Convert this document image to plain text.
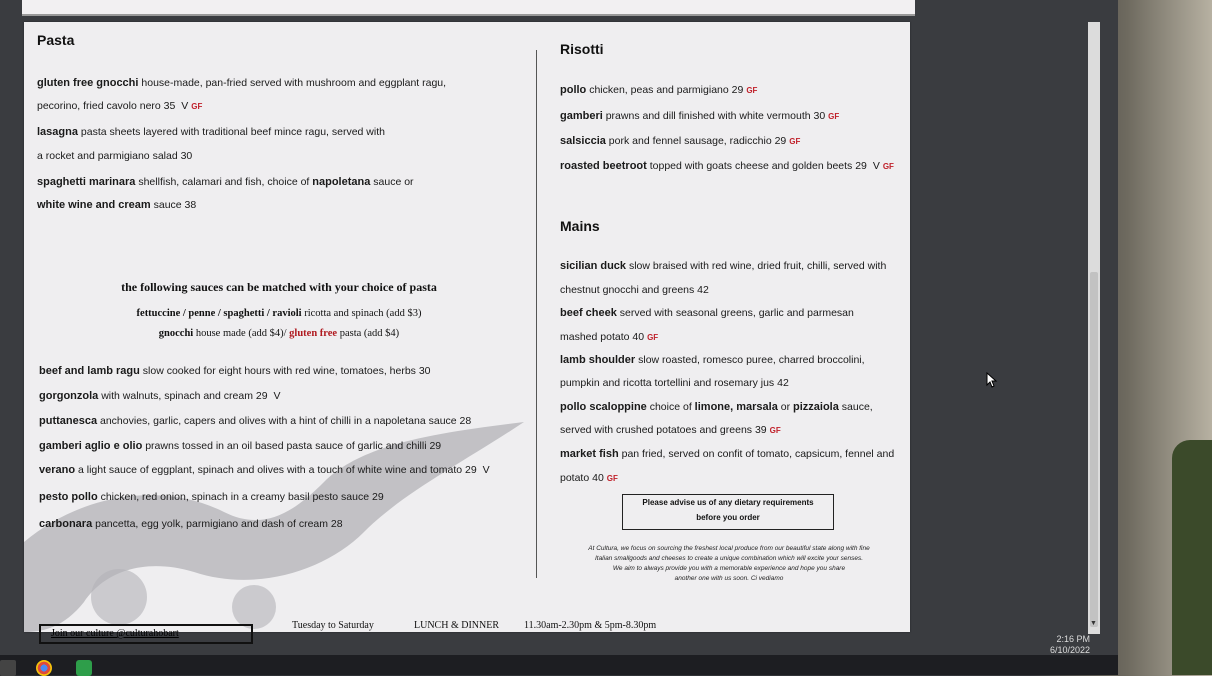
Pasta
gluten free gnocchi house-made, pan-fried served with mushroom and eggplant ragu,
pecorino, fried cavolo nero 35 V GF
lasagna pasta sheets layered with traditional beef mince ragu, served with
a rocket and parmigiano salad 30
spaghetti marinara shellfish, calamari and fish, choice of napoletana sauce or
white wine and cream sauce 38
the following sauces can be matched with your choice of pasta
fettuccine / penne / spaghetti / ravioli ricotta and spinach (add $3)
gnocchi house made (add $4)/ gluten free pasta (add $4)
beef and lamb ragu slow cooked for eight hours with red wine, tomatoes, herbs 30
gorgonzola with walnuts, spinach and cream 29 V
puttanesca anchovies, garlic, capers and olives with a hint of chilli in a napoletana sauce 28
gamberi aglio e olio prawns tossed in an oil based pasta sauce of garlic and chilli 29
verano a light sauce of eggplant, spinach and olives with a touch of white wine and tomato 29 V
pesto pollo chicken, red onion, spinach in a creamy basil pesto sauce 29
carbonara pancetta, egg yolk, parmigiano and dash of cream 28
Risotti
pollo chicken, peas and parmigiano 29 GF
gamberi prawns and dill finished with white vermouth 30 GF
salsiccia pork and fennel sausage, radicchio 29 GF
roasted beetroot topped with goats cheese and golden beets 29 V GF
Mains
sicilian duck slow braised with red wine, dried fruit, chilli, served with
chestnut gnocchi and greens 42
beef cheek served with seasonal greens, garlic and parmesan
mashed potato 40 GF
lamb shoulder slow roasted, romesco puree, charred broccolini,
pumpkin and ricotta tortellini and rosemary jus 42
pollo scaloppine choice of limone, marsala or pizzaiola sauce,
served with crushed potatoes and greens 39 GF
market fish pan fried, served on confit of tomato, capsicum, fennel and
potato 40 GF
Please advise us of any dietary requirements
before you order
At Cultura, we focus on sourcing the freshest local produce from our beautiful state along with fine
Italian smallgoods and cheeses to create a unique combination which will excite your senses.
We aim to always provide you with a memorable experience and hope you share
another one with us soon. Ci vediamo
Join our culture @culturahobart
Tuesday to Saturday	LUNCH & DINNER	11.30am-2.30pm & 5pm-8.30pm	▼
2:16 PM
6/10/2022
